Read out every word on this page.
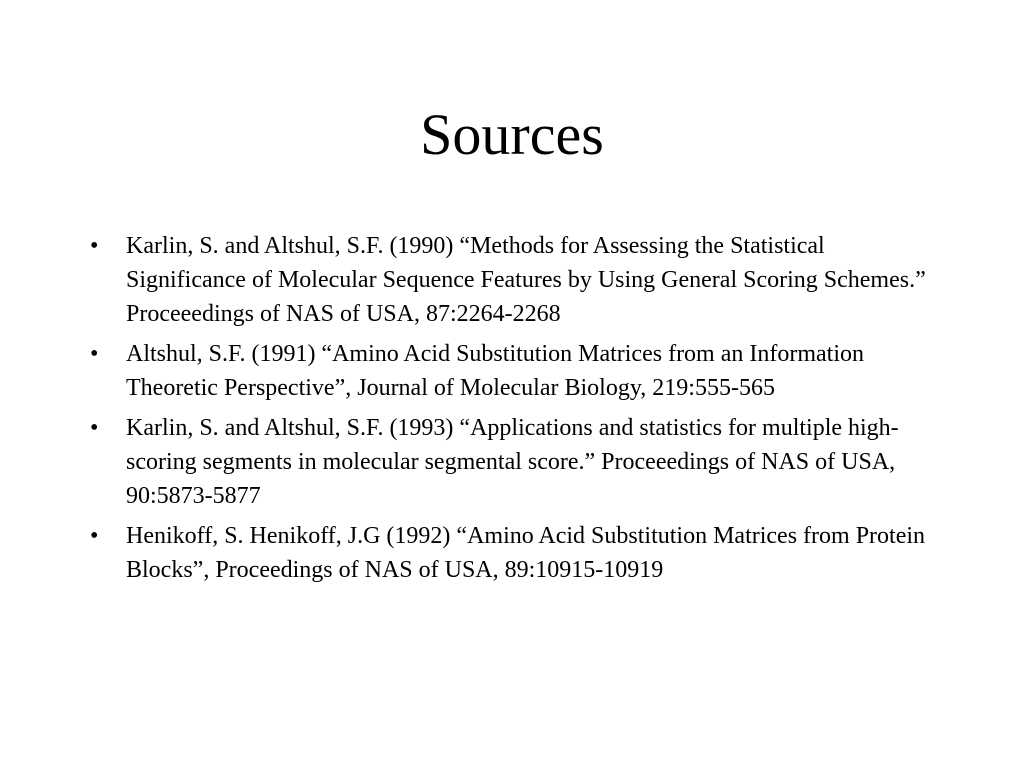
Sources
•	Karlin, S. and Altshul, S.F. (1990) “Methods for Assessing the Statistical Significance of Molecular Sequence Features by Using General Scoring Schemes.” Proceeedings of NAS of USA, 87:2264-2268
•	Altshul, S.F. (1991) “Amino Acid Substitution Matrices from an Information Theoretic Perspective”, Journal of Molecular Biology, 219:555-565
•	Karlin, S. and Altshul, S.F. (1993) “Applications and statistics for multiple high-scoring segments in molecular segmental score.” Proceeedings of NAS of USA, 90:5873-5877
•	Henikoff, S. Henikoff, J.G (1992) “Amino Acid Substitution Matrices from Protein Blocks”, Proceedings of NAS of USA, 89:10915-10919
